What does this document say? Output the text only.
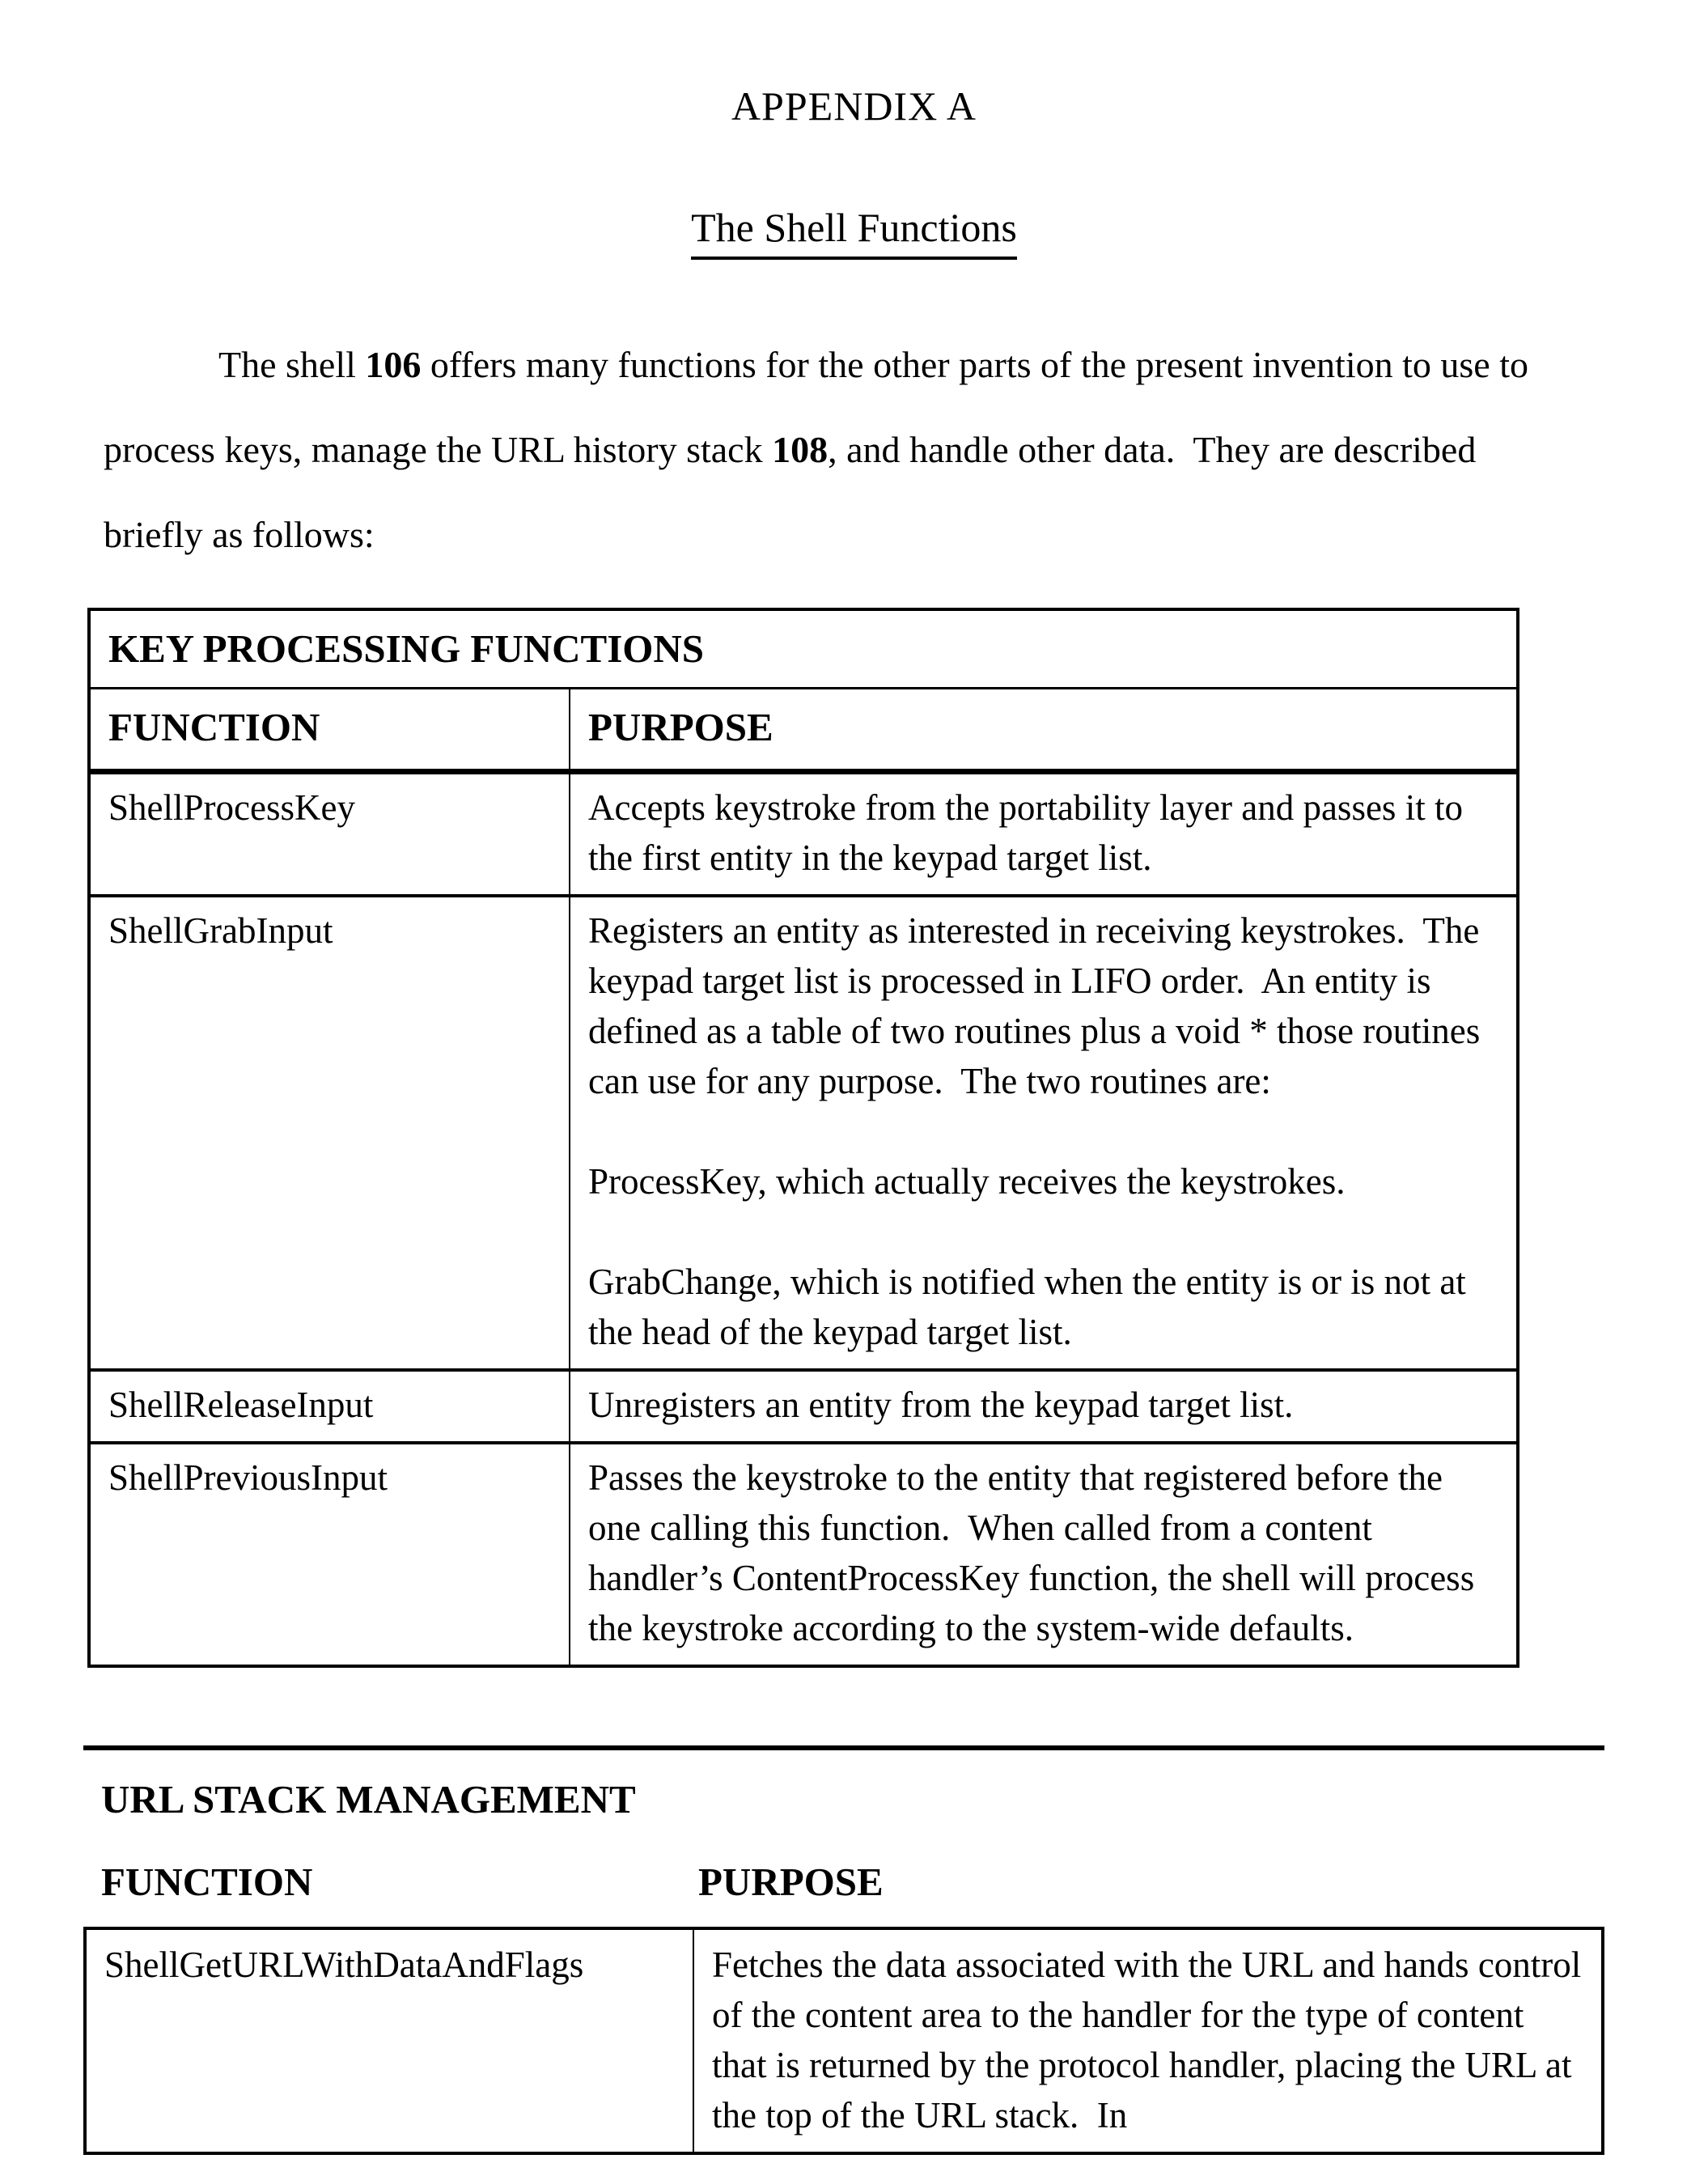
APPENDIX A
The Shell Functions

The shell 106 offers many functions for the other parts of the present invention to use to process keys, manage the URL history stack 108, and handle other data.  They are described briefly as follows:

KEY PROCESSING FUNCTIONS	
FUNCTION	PURPOSE
ShellProcessKey	Accepts keystroke from the portability layer and passes it to the first entity in the keypad target list.

ShellGrabInput	Registers an entity as interested in receiving keystrokes.  The keypad target list is processed in LIFO order.  An entity is defined as a table of two routines plus a void * those routines can use for any purpose.  The two routines are:

ProcessKey, which actually receives the keystrokes.

GrabChange, which is notified when the entity is or is not at the head of the keypad target list.

ShellReleaseInput	Unregisters an entity from the keypad target list.

ShellPreviousInput	Passes the keystroke to the entity that registered before the one calling this function.  When called from a content handler’s ContentProcessKey function, the shell will process the keystroke according to the system-wide defaults.

URL STACK MANAGEMENT
FUNCTION	PURPOSE
ShellGetURLWithDataAndFlags	Fetches the data associated with the URL and hands control of the content area to the handler for the type of content that is returned by the protocol handler, placing the URL at the top of the URL stack.  In
